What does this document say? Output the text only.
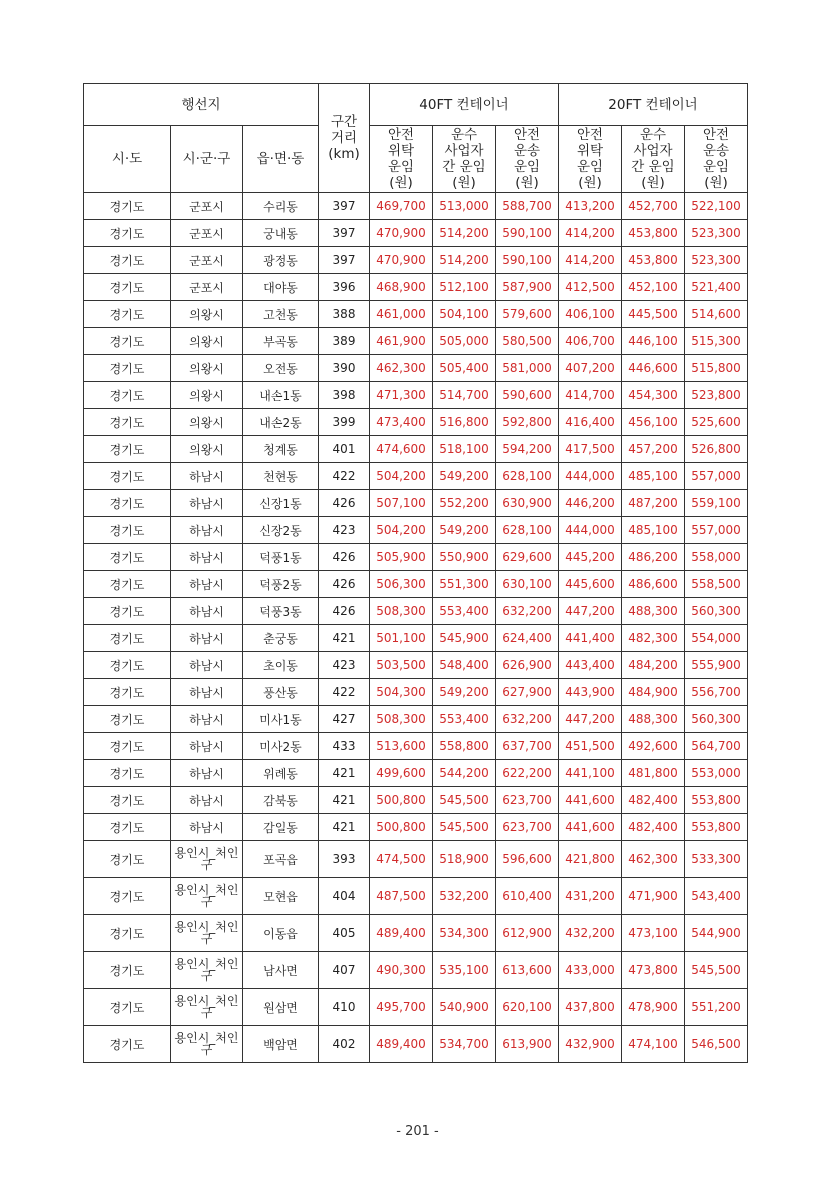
행선지			구간
거리
(km)	40FT 컨테이너			20FT 컨테이너		
시·도	시·군·구	읍·면·동		안전
위탁
운임
(원)	운수
사업자
간 운임
(원)	안전
운송
운임
(원)	안전
위탁
운임
(원)	운수
사업자
간 운임
(원)	안전
운송
운임
(원)

경기도	군포시	수리동	397	469,700	513,000	588,700	413,200	452,700	522,100
경기도	군포시	궁내동	397	470,900	514,200	590,100	414,200	453,800	523,300
경기도	군포시	광정동	397	470,900	514,200	590,100	414,200	453,800	523,300
경기도	군포시	대야동	396	468,900	512,100	587,900	412,500	452,100	521,400
경기도	의왕시	고천동	388	461,000	504,100	579,600	406,100	445,500	514,600
경기도	의왕시	부곡동	389	461,900	505,000	580,500	406,700	446,100	515,300
경기도	의왕시	오전동	390	462,300	505,400	581,000	407,200	446,600	515,800
경기도	의왕시	내손1동	398	471,300	514,700	590,600	414,700	454,300	523,800
경기도	의왕시	내손2동	399	473,400	516,800	592,800	416,400	456,100	525,600
경기도	의왕시	청계동	401	474,600	518,100	594,200	417,500	457,200	526,800
경기도	하남시	천현동	422	504,200	549,200	628,100	444,000	485,100	557,000
경기도	하남시	신장1동	426	507,100	552,200	630,900	446,200	487,200	559,100
경기도	하남시	신장2동	423	504,200	549,200	628,100	444,000	485,100	557,000
경기도	하남시	덕풍1동	426	505,900	550,900	629,600	445,200	486,200	558,000
경기도	하남시	덕풍2동	426	506,300	551,300	630,100	445,600	486,600	558,500
경기도	하남시	덕풍3동	426	508,300	553,400	632,200	447,200	488,300	560,300
경기도	하남시	춘궁동	421	501,100	545,900	624,400	441,400	482,300	554,000
경기도	하남시	초이동	423	503,500	548,400	626,900	443,400	484,200	555,900
경기도	하남시	풍산동	422	504,300	549,200	627,900	443,900	484,900	556,700
경기도	하남시	미사1동	427	508,300	553,400	632,200	447,200	488,300	560,300
경기도	하남시	미사2동	433	513,600	558,800	637,700	451,500	492,600	564,700
경기도	하남시	위례동	421	499,600	544,200	622,200	441,100	481,800	553,000
경기도	하남시	감북동	421	500,800	545,500	623,700	441,600	482,400	553,800
경기도	하남시	감일동	421	500,800	545,500	623,700	441,600	482,400	553,800
경기도	용인시_처인구	포곡읍	393	474,500	518,900	596,600	421,800	462,300	533,300
경기도	용인시_처인구	모현읍	404	487,500	532,200	610,400	431,200	471,900	543,400
경기도	용인시_처인구	이동읍	405	489,400	534,300	612,900	432,200	473,100	544,900
경기도	용인시_처인구	남사면	407	490,300	535,100	613,600	433,000	473,800	545,500
경기도	용인시_처인구	원삼면	410	495,700	540,900	620,100	437,800	478,900	551,200
경기도	용인시_처인구	백암면	402	489,400	534,700	613,900	432,900	474,100	546,500
- 201 -
